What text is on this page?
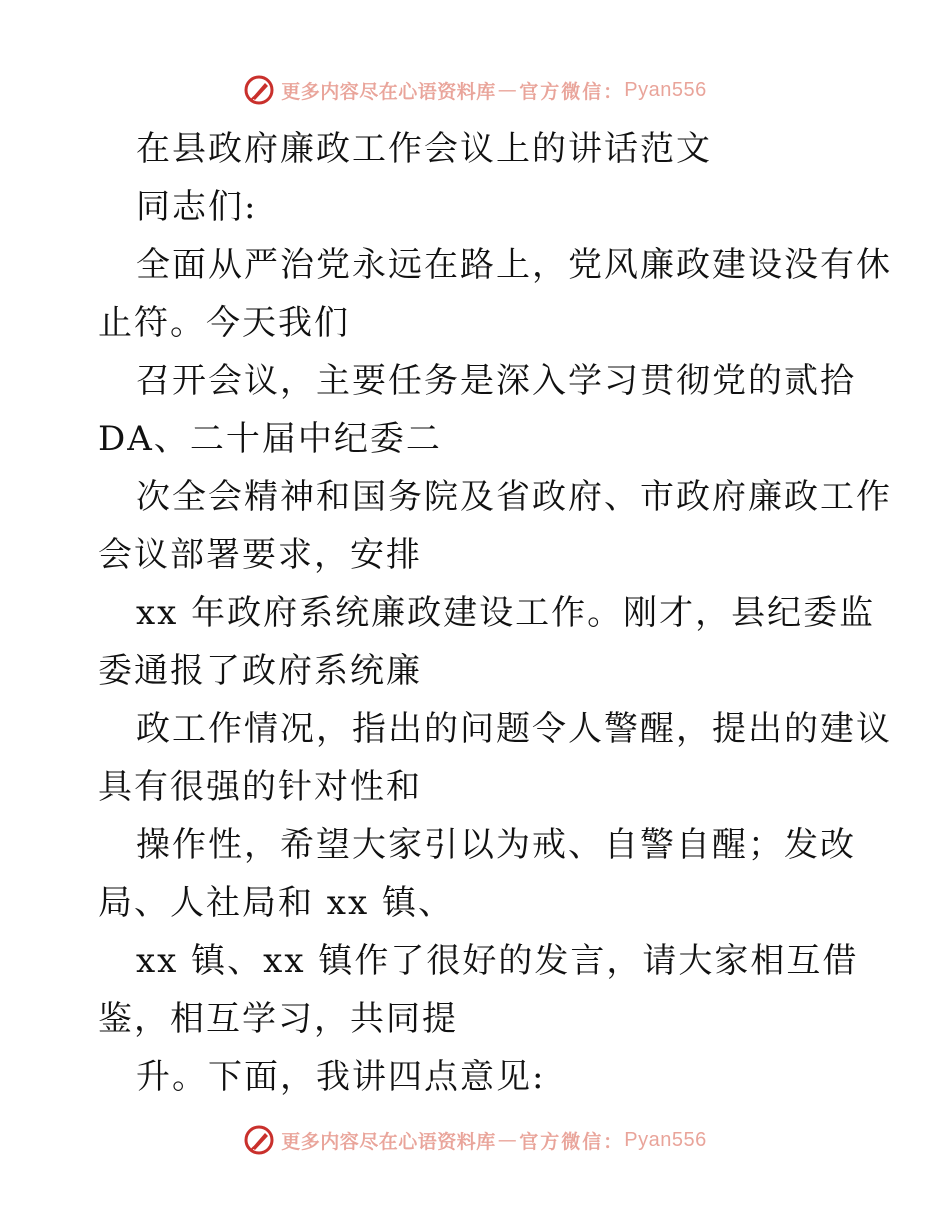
更多内容尽在心语资料库 — 官方微信： Pyan556
在县政府廉政工作会议上的讲话范文
同志们:
全面从严治党永远在路上，党风廉政建设没有休
止符。今天我们
召开会议，主要任务是深入学习贯彻党的贰拾
DA、二十届中纪委二
次全会精神和国务院及省政府、市政府廉政工作
会议部署要求，安排
xx 年政府系统廉政建设工作。刚才，县纪委监
委通报了政府系统廉
政工作情况，指出的问题令人警醒，提出的建议
具有很强的针对性和
操作性，希望大家引以为戒、自警自醒；发改
局、人社局和 xx 镇、
xx 镇、xx 镇作了很好的发言，请大家相互借
鉴，相互学习，共同提
升。下面，我讲四点意见:
更多内容尽在心语资料库 — 官方微信： Pyan556
